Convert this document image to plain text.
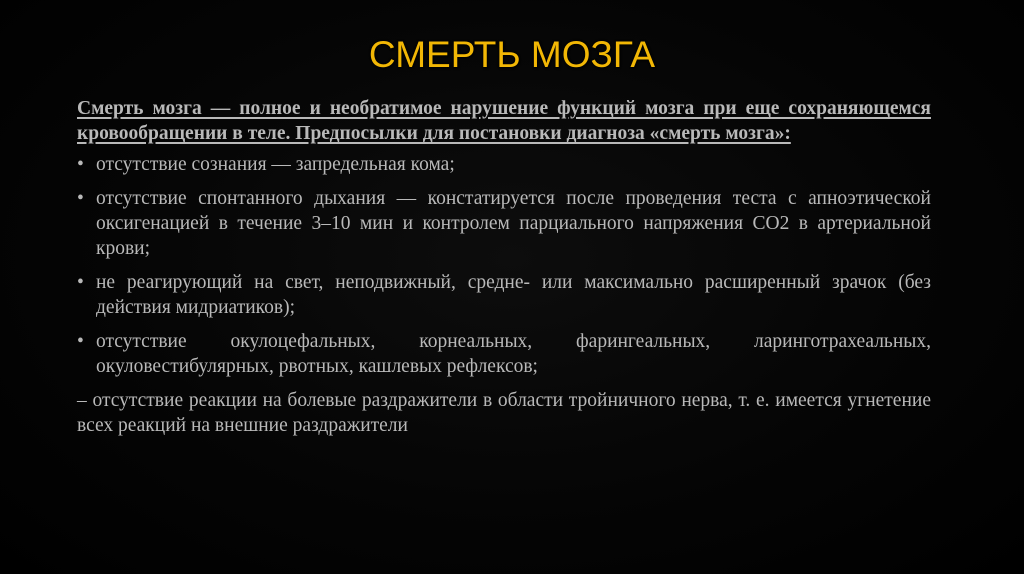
СМЕРТЬ МОЗГА

Смерть мозга — полное и необратимое нарушение функций мозга при еще сохраняющемся кровообращении в теле. Предпосылки для постановки диагноза «смерть мозга»:

• отсутствие сознания — запредельная кома;
• отсутствие спонтанного дыхания — констатируется после проведения теста с апноэтической оксигенацией в течение 3–10 мин и контролем парциального напряжения CO2 в артериальной крови;
• не реагирующий на свет, неподвижный, средне- или максимально расширенный зрачок (без действия мидриатиков);
• отсутствие окулоцефальных, корнеальных, фарингеальных, ларинготрахеальных, окуловестибулярных, рвотных, кашлевых рефлексов;
– отсутствие реакции на болевые раздражители в области тройничного нерва, т. е. имеется угнетение всех реакций на внешние раздражители
